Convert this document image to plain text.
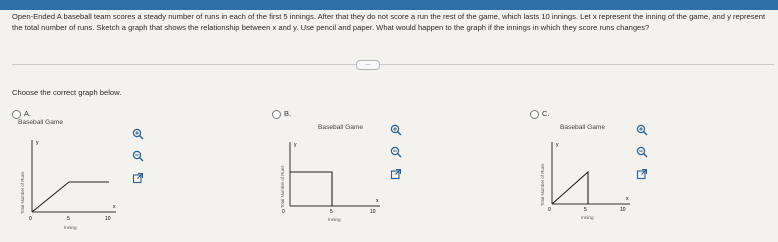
Open-Ended A baseball team scores a steady number of runs in each of the first 5 innings. After that they do not score a run the rest of the game, which lasts 10 innings. Let x represent the inning of the game, and y represent the total number of runs. Sketch a graph that shows the relationship between x and y. Use pencil and paper. What would happen to the graph if the innings in which they score runs changes?
...
Choose the correct graph below.
A.
Baseball Game
y
x
0	5	10
Inning
Total Number of Runs
B.
Baseball Game
y
x
0	5	10
Inning
Total Number of Runs
C.
Baseball Game
y
x
0	5	10
Inning
Total Number of Runs
